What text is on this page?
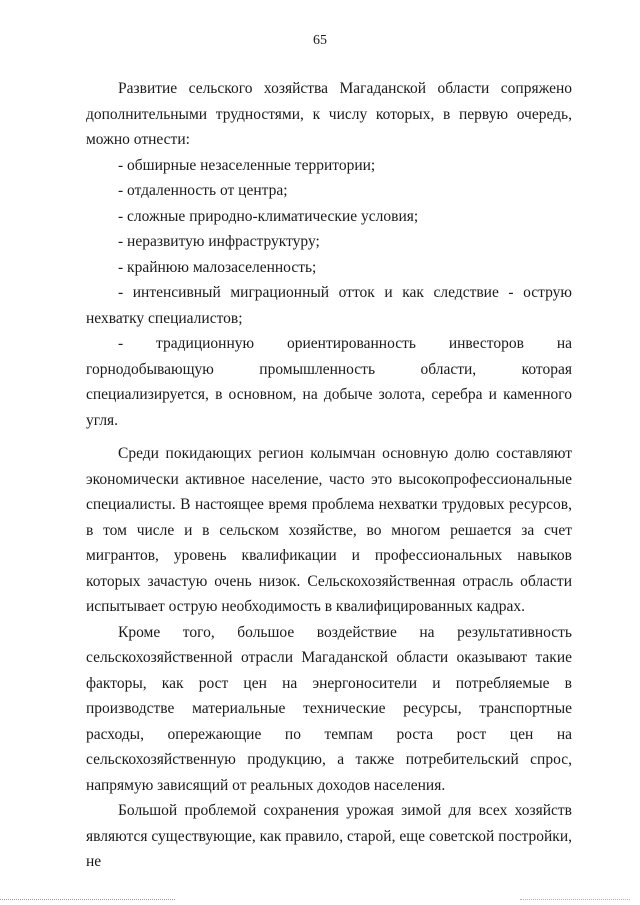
65

Развитие сельского хозяйства Магаданской области сопряжено дополнительными трудностями, к числу которых, в первую очередь, можно отнести:

- обширные незаселенные территории;
- отдаленность от центра;
- сложные природно-климатические условия;
- неразвитую инфраструктуру;
- крайнюю малозаселенность;
- интенсивный миграционный отток и как следствие - острую нехватку специалистов;
- традиционную ориентированность инвесторов на горнодобывающую промышленность области, которая специализируется, в основном, на добыче золота, серебра и каменного угля.

Среди покидающих регион колымчан основную долю составляют экономически активное население, часто это высокопрофессиональные специалисты. В настоящее время проблема нехватки трудовых ресурсов, в том числе и в сельском хозяйстве, во многом решается за счет мигрантов, уровень квалификации и профессиональных навыков которых зачастую очень низок. Сельскохозяйственная отрасль области испытывает острую необходимость в квалифицированных кадрах.

Кроме того, большое воздействие на результативность сельскохозяйственной отрасли Магаданской области оказывают такие факторы, как рост цен на энергоносители и потребляемые в производстве материальные технические ресурсы, транспортные расходы, опережающие по темпам роста рост цен на сельскохозяйственную продукцию, а также потребительский спрос, напрямую зависящий от реальных доходов населения.

Большой проблемой сохранения урожая зимой для всех хозяйств являются существующие, как правило, старой, еще советской постройки, не
